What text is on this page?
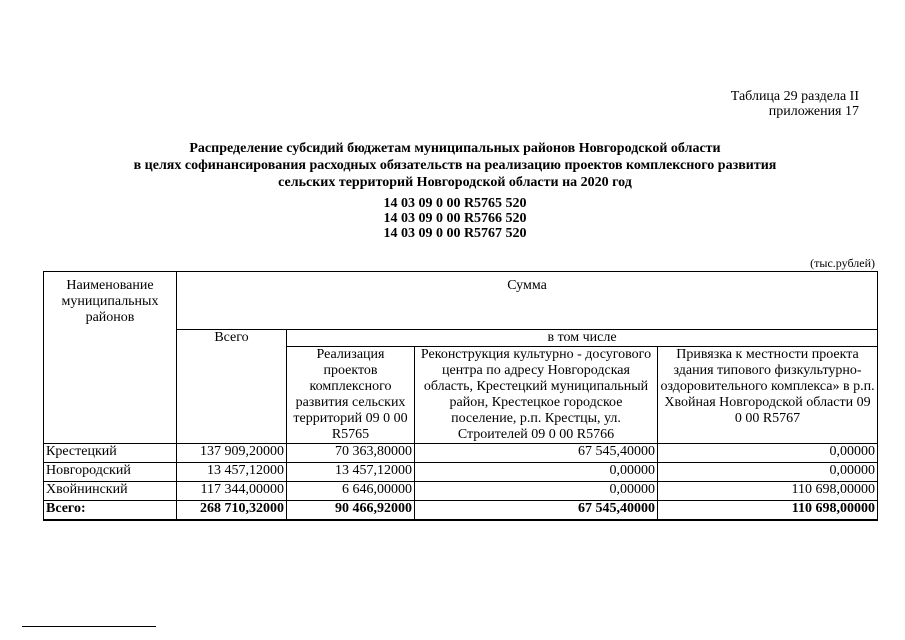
Таблица 29 раздела II
приложения 17
Распределение субсидий бюджетам муниципальных районов Новгородской области
в целях софинансирования расходных обязательств на реализацию проектов комплексного развития
сельских территорий Новгородской области на 2020 год
14 03 09 0 00 R5765 520
14 03 09 0 00 R5766 520
14 03 09 0 00 R5767 520
(тыс.рублей)
Наименование муниципальных районов	Сумма			
	Всего	в том числе		
		Реализация проектов комплексного развития сельских территорий 09 0 00 R5765	Реконструкция культурно - досугового центра по адресу Новгородская область, Крестецкий муниципальный район, Крестецкое городское поселение, р.п. Крестцы, ул. Строителей 09 0 00 R5766	Привязка к местности проекта здания типового физкультурно-оздоровительного комплекса» в р.п. Хвойная Новгородской области 09 0 00 R5767
Крестецкий	137 909,20000	70 363,80000	67 545,40000	0,00000
Новгородский	13 457,12000	13 457,12000	0,00000	0,00000
Хвойнинский	117 344,00000	6 646,00000	0,00000	110 698,00000
Всего:	268 710,32000	90 466,92000	67 545,40000	110 698,00000
